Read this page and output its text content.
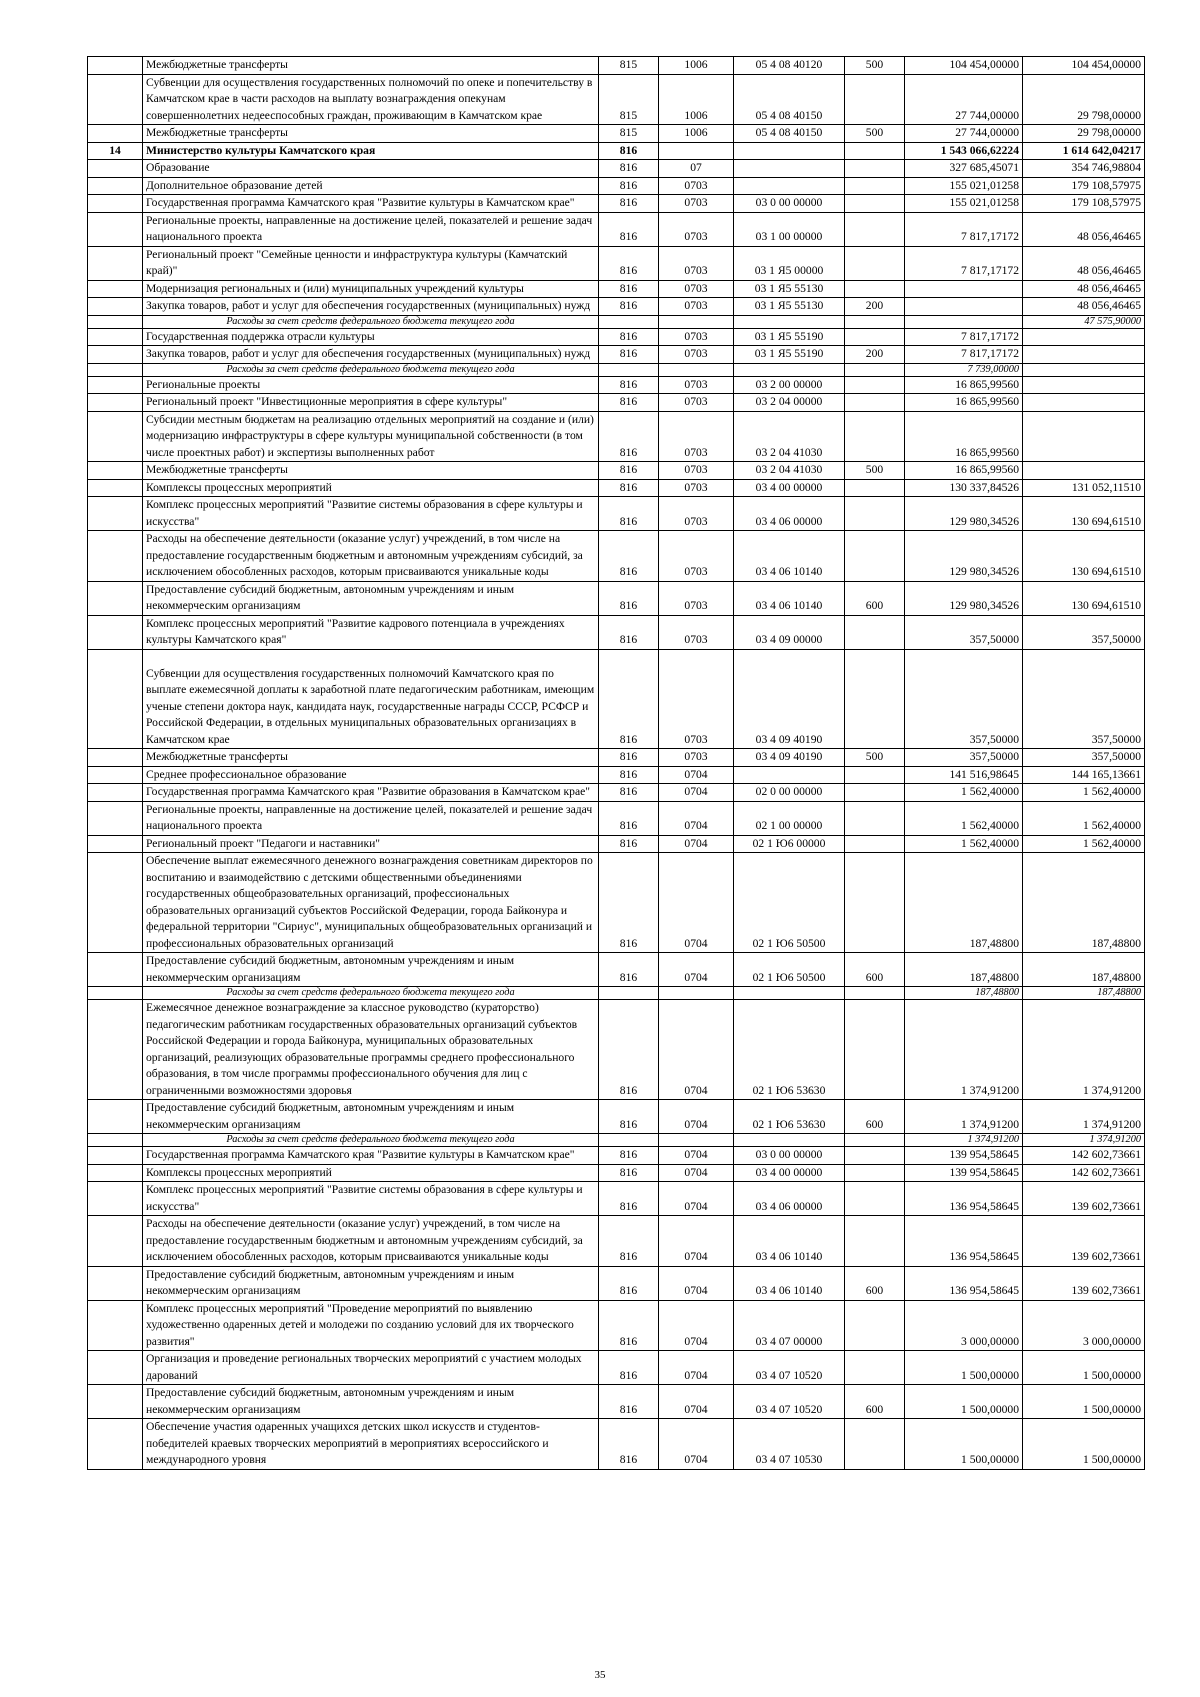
	Межбюджетные трансферты	815	1006	05 4 08 40120	500	104 454,00000	104 454,00000
	Субвенции для осуществления государственных полномочий по опеке и попечительству в Камчатском крае в части расходов на выплату вознаграждения опекунам совершеннолетних недееспособных граждан, проживающим в Камчатском крае	815	1006	05 4 08 40150		27 744,00000	29 798,00000
	Межбюджетные трансферты	815	1006	05 4 08 40150	500	27 744,00000	29 798,00000
14	Министерство культуры Камчатского края	816				1 543 066,62224	1 614 642,04217
	Образование	816	07			327 685,45071	354 746,98804
	Дополнительное образование детей	816	0703			155 021,01258	179 108,57975
	Государственная программа Камчатского края "Развитие культуры в Камчатском крае"	816	0703	03 0 00 00000		155 021,01258	179 108,57975
	Региональные проекты, направленные на достижение целей, показателей и решение задач национального проекта	816	0703	03 1 00 00000		7 817,17172	48 056,46465
	Региональный проект "Семейные ценности и инфраструктура культуры (Камчатский край)"	816	0703	03 1 Я5 00000		7 817,17172	48 056,46465
	Модернизация региональных и (или) муниципальных учреждений культуры	816	0703	03 1 Я5 55130			48 056,46465
	Закупка товаров, работ и услуг для обеспечения государственных (муниципальных) нужд	816	0703	03 1 Я5 55130	200		48 056,46465
	Расходы за счет средств федерального бюджета текущего года						47 575,90000
	Государственная поддержка отрасли культуры	816	0703	03 1 Я5 55190		7 817,17172	
	Закупка товаров, работ и услуг для обеспечения государственных (муниципальных) нужд	816	0703	03 1 Я5 55190	200	7 817,17172	
	Расходы за счет средств федерального бюджета текущего года					7 739,00000	
	Региональные проекты	816	0703	03 2 00 00000		16 865,99560	
	Региональный проект "Инвестиционные мероприятия в сфере культуры"	816	0703	03 2 04 00000		16 865,99560	
	Субсидии местным бюджетам на реализацию отдельных мероприятий на создание и (или) модернизацию инфраструктуры в сфере культуры муниципальной собственности (в том числе проектных работ) и экспертизы выполненных работ	816	0703	03 2 04 41030		16 865,99560	
	Межбюджетные трансферты	816	0703	03 2 04 41030	500	16 865,99560	
	Комплексы процессных мероприятий	816	0703	03 4 00 00000		130 337,84526	131 052,11510
	Комплекс процессных мероприятий "Развитие системы образования в сфере культуры и искусства"	816	0703	03 4 06 00000		129 980,34526	130 694,61510
	Расходы на обеспечение деятельности (оказание услуг) учреждений, в том числе на предоставление государственным бюджетным и автономным учреждениям субсидий, за исключением обособленных расходов, которым присваиваются уникальные коды	816	0703	03 4 06 10140		129 980,34526	130 694,61510
	Предоставление субсидий бюджетным, автономным учреждениям и иным некоммерческим организациям	816	0703	03 4 06 10140	600	129 980,34526	130 694,61510
	Комплекс процессных мероприятий "Развитие кадрового потенциала в учреждениях культуры Камчатского края"	816	0703	03 4 09 00000		357,50000	357,50000
	Субвенции для осуществления государственных полномочий Камчатского края по выплате ежемесячной доплаты к заработной плате педагогическим работникам, имеющим ученые степени доктора наук, кандидата наук, государственные награды СССР, РСФСР и Российской Федерации, в отдельных муниципальных образовательных организациях в Камчатском крае	816	0703	03 4 09 40190		357,50000	357,50000
	Межбюджетные трансферты	816	0703	03 4 09 40190	500	357,50000	357,50000
	Среднее профессиональное образование	816	0704			141 516,98645	144 165,13661
	Государственная программа Камчатского края "Развитие образования в Камчатском крае"	816	0704	02 0 00 00000		1 562,40000	1 562,40000
	Региональные проекты, направленные на достижение целей, показателей и решение задач национального проекта	816	0704	02 1 00 00000		1 562,40000	1 562,40000
	Региональный проект "Педагоги и наставники"	816	0704	02 1 Ю6 00000		1 562,40000	1 562,40000
	Обеспечение выплат ежемесячного денежного вознаграждения советникам директоров по воспитанию и взаимодействию с детскими общественными объединениями государственных общеобразовательных организаций, профессиональных образовательных организаций субъектов Российской Федерации, города Байконура и федеральной территории "Сириус", муниципальных общеобразовательных организаций и профессиональных образовательных организаций	816	0704	02 1 Ю6 50500		187,48800	187,48800
	Предоставление субсидий бюджетным, автономным учреждениям и иным некоммерческим организациям	816	0704	02 1 Ю6 50500	600	187,48800	187,48800
	Расходы за счет средств федерального бюджета текущего года					187,48800	187,48800
	Ежемесячное денежное вознаграждение за классное руководство (кураторство) педагогическим работникам государственных образовательных организаций субъектов Российской Федерации и города Байконура, муниципальных образовательных организаций, реализующих образовательные программы среднего профессионального образования, в том числе программы профессионального обучения для лиц с ограниченными возможностями здоровья	816	0704	02 1 Ю6 53630		1 374,91200	1 374,91200
	Предоставление субсидий бюджетным, автономным учреждениям и иным некоммерческим организациям	816	0704	02 1 Ю6 53630	600	1 374,91200	1 374,91200
	Расходы за счет средств федерального бюджета текущего года					1 374,91200	1 374,91200
	Государственная программа Камчатского края "Развитие культуры в Камчатском крае"	816	0704	03 0 00 00000		139 954,58645	142 602,73661
	Комплексы процессных мероприятий	816	0704	03 4 00 00000		139 954,58645	142 602,73661
	Комплекс процессных мероприятий "Развитие системы образования в сфере культуры и искусства"	816	0704	03 4 06 00000		136 954,58645	139 602,73661
	Расходы на обеспечение деятельности (оказание услуг) учреждений, в том числе на предоставление государственным бюджетным и автономным учреждениям субсидий, за исключением обособленных расходов, которым присваиваются уникальные коды	816	0704	03 4 06 10140		136 954,58645	139 602,73661
	Предоставление субсидий бюджетным, автономным учреждениям и иным некоммерческим организациям	816	0704	03 4 06 10140	600	136 954,58645	139 602,73661
	Комплекс процессных мероприятий "Проведение мероприятий по выявлению художественно одаренных детей и молодежи по созданию условий для их творческого развития"	816	0704	03 4 07 00000		3 000,00000	3 000,00000
	Организация и проведение региональных творческих мероприятий с участием молодых дарований	816	0704	03 4 07 10520		1 500,00000	1 500,00000
	Предоставление субсидий бюджетным, автономным учреждениям и иным некоммерческим организациям	816	0704	03 4 07 10520	600	1 500,00000	1 500,00000
	Обеспечение участия одаренных учащихся детских школ искусств и студентов-победителей краевых творческих мероприятий в мероприятиях всероссийского и международного уровня	816	0704	03 4 07 10530		1 500,00000	1 500,00000
35
